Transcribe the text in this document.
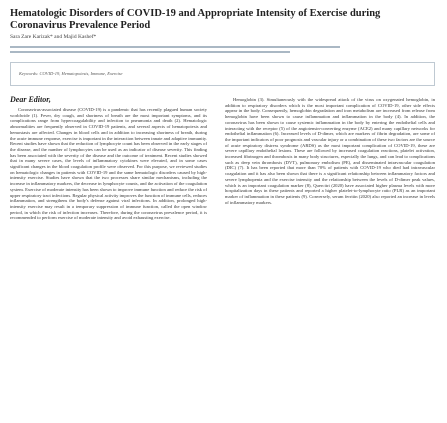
Hematologic Disorders of COVID-19 and Appropriate Intensity of Exercise during Coronavirus Prevalence Period
Sara Zare Karizak* and Majid Kashef*
Keywords: COVID-19, Hematopoiesis, Immune, Exercise
Dear Editor,

Coronavirus-associated disease (COVID-19) is a pandemic that has recently plagued human society worldwide (1). Fever, dry cough, and shortness of breath are the most important symptoms, and its complications range from hypercoagulability and infection to pneumonia and death (2). Hematologic abnormalities are frequently observed in COVID-19 patients, and several aspects of hematopoiesis and hemostasis are affected. Changes in blood cells and in addition to increasing shortness of breath, during the acute immune response, exercise is important in the interaction between innate and adaptive immunity. Recent studies have shown that the reduction of lymphocyte count has been observed in the early stages of the disease, and the number of lymphocytes can be used as an indicator of disease severity. This finding has been associated with the severity of the disease and the outcome of treatment. Recent studies showed that in many severe cases, the levels of inflammatory cytokines were elevated, and in some cases significant changes in the blood coagulation profile were observed. For this purpose, we reviewed studies on hematologic changes in patients with COVID-19 and the same hematologic disorders caused by high-intensity exercise. Studies have shown that the two processes share similar mechanisms, including the increase in inflammatory markers, the decrease in lymphocyte counts, and the activation of the coagulation system. Exercise of moderate intensity has been shown to improve immune function and reduce the risk of upper respiratory tract infections. Regular physical activity improves the function of immune cells, reduces inflammation, and strengthens the body's defense against viral infections. In addition, prolonged high-intensity exercise may result in a temporary suppression of immune function, called the open window period, in which the risk of infection increases. Therefore, during the coronavirus prevalence period, it is recommended to perform exercise of moderate intensity and avoid exhausting exercise.

Hemoglobin (3). Simultaneously with the widespread attack of the virus on oxygenated hemoglobin, in addition to respiratory disorders which is the most important complication of COVID-19, other side effects appear in the body. Consequently, hemoglobin degradation and iron metabolism are increased from release from hemoglobin have been shown to cause inflammation and inflammation in the body (4). In addition, the coronavirus has been shown to cause systemic inflammation in the body by entering the endothelial cells and interacting with the receptor (5) of the angiotensin-converting enzyme (ACE2) and many capillary networks for endothelial inflammation (6). Increased levels of D-dimer, which are markers of fibrin degradation, are some of the important indicators of poor prognosis and vascular injury or a combination of these two factors are the source of acute respiratory distress syndrome (ARDS) as the most important complication of COVID-19, these are severe capillary endothelial lesions. These are followed by increased coagulation reactions, platelet activation, increased fibrinogen and thrombosis in many body structures, especially the lungs, and can lead to complications such as deep vein thrombosis (DVT), pulmonary embolism (PE), and disseminated intravascular coagulation (DIC) (7). It has been reported that more than 70% of patients with COVID-19 who died had intravascular coagulation and it has also been shown that there is a significant relationship between inflammatory factors and severe lymphopenia and the exercise intensity and the relationship between the levels of D-dimer peak values, which is an important coagulation marker (8), Quercitri (2020) have associated higher plasma levels with more hospitalization days in these patients and reported a higher platelet-to-lymphocyte ratio (PLR) as an important marker of inflammation in these patients (9). Conversely, serum ferritin (2020) also reported an increase in levels of inflammatory markers.
